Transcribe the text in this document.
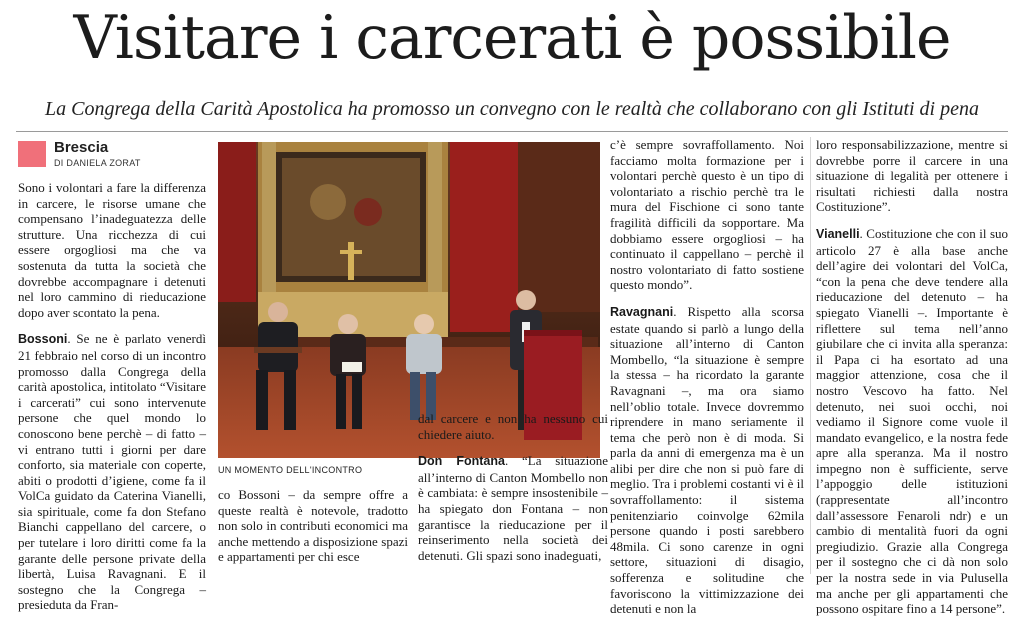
Visitare i carcerati è possibile
La Congrega della Carità Apostolica ha promosso un convegno con le realtà che collaborano con gli Istituti di pena
Brescia
DI DANIELA ZORAT

Sono i volontari a fare la differenza in carcere, le risorse umane che compensano l’inadeguatezza delle strutture. Una ricchezza di cui essere orgogliosi ma che va sostenuta da tutta la società che dovrebbe accompagnare i detenuti nel loro cammino di rieducazione dopo aver scontato la pena.

Bossoni. Se ne è parlato venerdì 21 febbraio nel corso di un incontro promosso dalla Congrega della carità apostolica, intitolato “Visitare i carcerati” cui sono intervenute persone che quel mondo lo conoscono bene perchè – di fatto – vi entrano tutti i giorni per dare conforto, sia materiale con coperte, abiti o prodotti d’igiene, come fa il VolCa guidato da Caterina Vianelli, sia spirituale, come fa don Stefano Bianchi cappellano del carcere, o per tutelare i loro diritti come fa la garante delle persone private della libertà, Luisa Ravagnani. E il sostegno che la Congrega – presieduta da Fran-

UN MOMENTO DELL'INCONTRO

co Bossoni – da sempre offre a queste realtà è notevole, tradotto non solo in contributi economici ma anche mettendo a disposizione spazi e appartamenti per chi esce

dal carcere e non ha nessuno cui chiedere aiuto.

Don Fontana. “La situazione all’interno di Canton Mombello non è cambiata: è sempre insostenibile – ha spiegato don Fontana – non garantisce la rieducazione per il reinserimento nella società dei detenuti. Gli spazi sono inadeguati,

c’è sempre sovraffollamento. Noi facciamo molta formazione per i volontari perchè questo è un tipo di volontariato a rischio perchè tra le mura del Fischione ci sono tante fragilità difficili da sopportare. Ma dobbiamo essere orgogliosi – ha continuato il cappellano – perchè il nostro volontariato di fatto sostiene questo mondo”.

Ravagnani. Rispetto alla scorsa estate quando si parlò a lungo della situazione all’interno di Canton Mombello, “la situazione è sempre la stessa – ha ricordato la garante Ravagnani –, ma ora siamo nell’oblio totale. Invece dovremmo riprendere in mano seriamente il tema che però non è di moda. Si parla da anni di emergenza ma è un alibi per dire che non si può fare di meglio. Tra i problemi costanti vi è il sovraffollamento: il sistema penitenziario coinvolge 62mila persone quando i posti sarebbero 48mila. Ci sono carenze in ogni settore, situazioni di disagio, sofferenza e solitudine che favoriscono la vittimizzazione dei detenuti e non la

loro responsabilizzazione, mentre si dovrebbe porre il carcere in una situazione di legalità per ottenere i risultati richiesti dalla nostra Costituzione”.

Vianelli. Costituzione che con il suo articolo 27 è alla base anche dell’agire dei volontari del VolCa, “con la pena che deve tendere alla rieducazione del detenuto – ha spiegato Vianelli –. Importante è riflettere sul tema nell’anno giubilare che ci invita alla speranza: il Papa ci ha esortato ad una maggior attenzione, cosa che il nostro Vescovo ha fatto. Nel detenuto, nei suoi occhi, noi vediamo il Signore come vuole il mandato evangelico, e la nostra fede apre alla speranza. Ma il nostro impegno non è sufficiente, serve l’appoggio delle istituzioni (rappresentate all’incontro dall’assessore Fenaroli ndr) e un cambio di mentalità fuori da ogni pregiudizio. Grazie alla Congrega per il sostegno che ci dà non solo per la nostra sede in via Pulusella ma anche per gli appartamenti che possono ospitare fino a 14 persone”.
